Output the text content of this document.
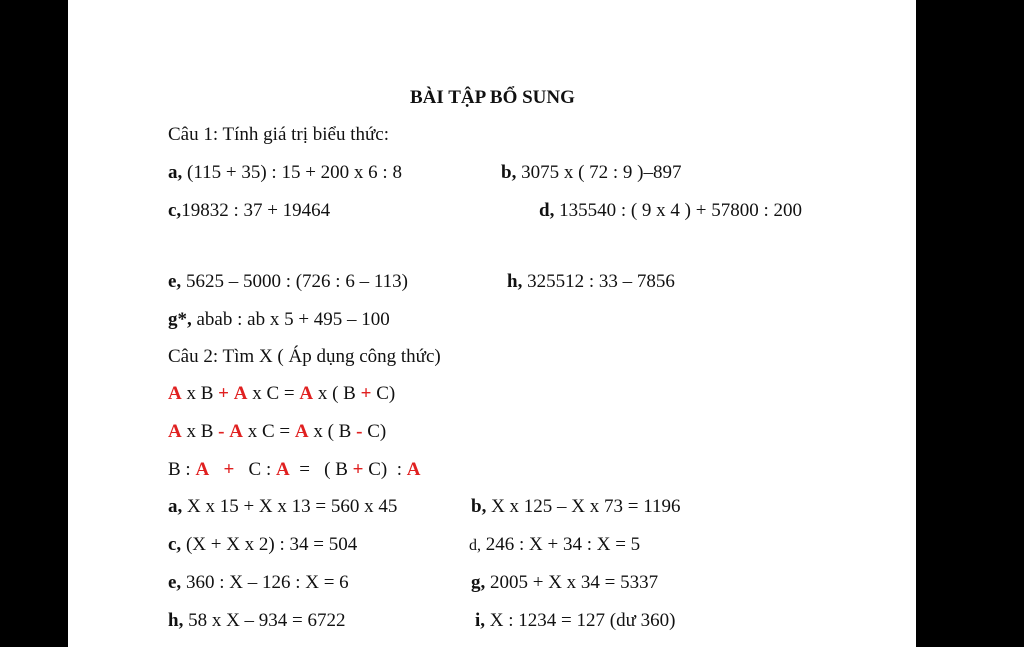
BÀI TẬP BỔ SUNG
Câu 1: Tính giá trị biểu thức:
a, (115 + 35) : 15 + 200 x 6 : 8	b, 3075 x ( 72 : 9 )–897
c,19832 : 37 + 19464	d, 135540 : ( 9 x 4 ) + 57800 : 200
e, 5625 – 5000 : (726 : 6 – 113)	h, 325512 : 33 – 7856
g*, abab : ab x 5 + 495 – 100
Câu 2: Tìm X ( Áp dụng công thức)
A x B + A x C = A x ( B + C)
A x B - A x C = A x ( B - C)
B : A +   C : A  =   ( B + C)  : A
a, X x 15 + X x 13 = 560 x 45	b, X x 125 – X x 73 = 1196
c, (X + X x 2) : 34 = 504	d, 246 : X + 34 : X = 5
e, 360 : X – 126 : X = 6	g, 2005 + X x 34 = 5337
h, 58 x X – 934 = 6722	i, X : 1234 = 127 (dư 360)
